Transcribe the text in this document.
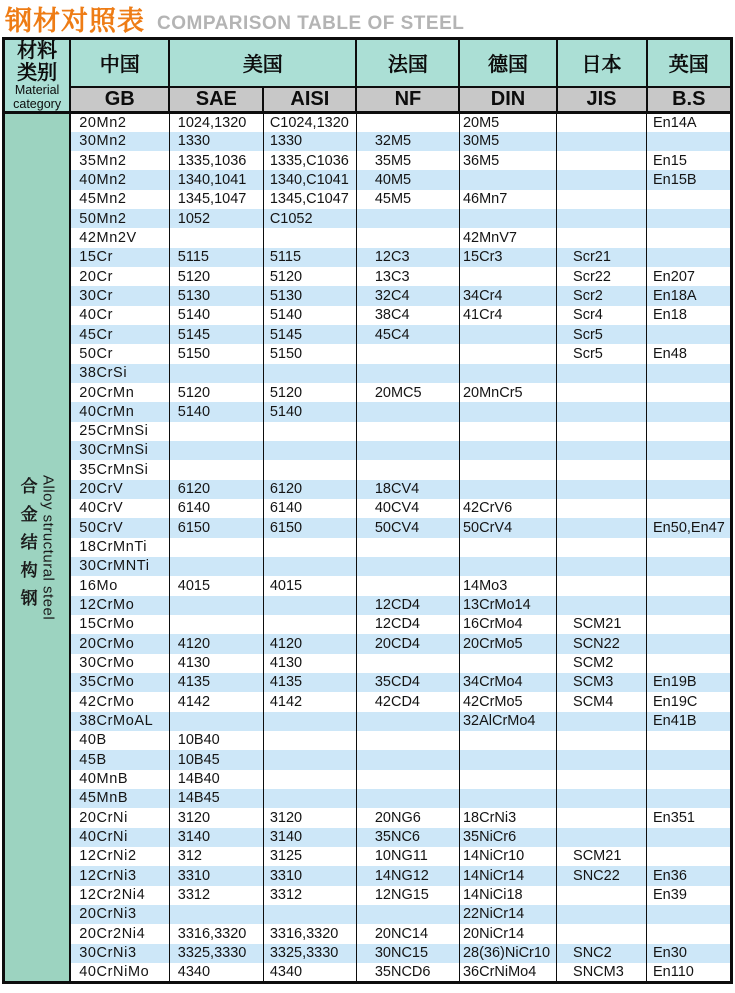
钢材对照表 COMPARISON TABLE OF STEEL
材料
类别
Material
category	中国	美国		法国	德国	日本	英国
	GB	SAE	AISI	NF	DIN	JIS	B.S

合金结构钢 Alloy structural steel	20Mn2	1024,1320	C1024,1320		20M5		En14A
	30Mn2	1330	1330	32M5	30M5		
	35Mn2	1335,1036	1335,C1036	35M5	36M5		En15
	40Mn2	1340,1041	1340,C1041	40M5			En15B
	45Mn2	1345,1047	1345,C1047	45M5	46Mn7		
	50Mn2	1052	C1052				
	42Mn2V				42MnV7		
	15Cr	5115	5115	12C3	15Cr3	Scr21	
	20Cr	5120	5120	13C3		Scr22	En207
	30Cr	5130	5130	32C4	34Cr4	Scr2	En18A
	40Cr	5140	5140	38C4	41Cr4	Scr4	En18
	45Cr	5145	5145	45C4		Scr5	
	50Cr	5150	5150			Scr5	En48
	38CrSi						
	20CrMn	5120	5120	20MC5	20MnCr5		
	40CrMn	5140	5140				
	25CrMnSi						
	30CrMnSi						
	35CrMnSi						
	20CrV	6120	6120	18CV4			
	40CrV	6140	6140	40CV4	42CrV6		
	50CrV	6150	6150	50CV4	50CrV4		En50,En47
	18CrMnTi						
	30CrMNTi						
	16Mo	4015	4015		14Mo3		
	12CrMo			12CD4	13CrMo14		
	15CrMo			12CD4	16CrMo4	SCM21	
	20CrMo	4120	4120	20CD4	20CrMo5	SCN22	
	30CrMo	4130	4130			SCM2	
	35CrMo	4135	4135	35CD4	34CrMo4	SCM3	En19B
	42CrMo	4142	4142	42CD4	42CrMo5	SCM4	En19C
	38CrMoAL				32AlCrMo4		En41B
	40B	10B40					
	45B	10B45					
	40MnB	14B40					
	45MnB	14B45					
	20CrNi	3120	3120	20NG6	18CrNi3		En351
	40CrNi	3140	3140	35NC6	35NiCr6		
	12CrNi2	312	3125	10NG11	14NiCr10	SCM21	
	12CrNi3	3310	3310	14NG12	14NiCr14	SNC22	En36
	12Cr2Ni4	3312	3312	12NG15	14NiCi18		En39
	20CrNi3				22NiCr14		
	20Cr2Ni4	3316,3320	3316,3320	20NC14	20NiCr14		
	30CrNi3	3325,3330	3325,3330	30NC15	28(36)NiCr10	SNC2	En30
	40CrNiMo	4340	4340	35NCD6	36CrNiMo4	SNCM3	En110
